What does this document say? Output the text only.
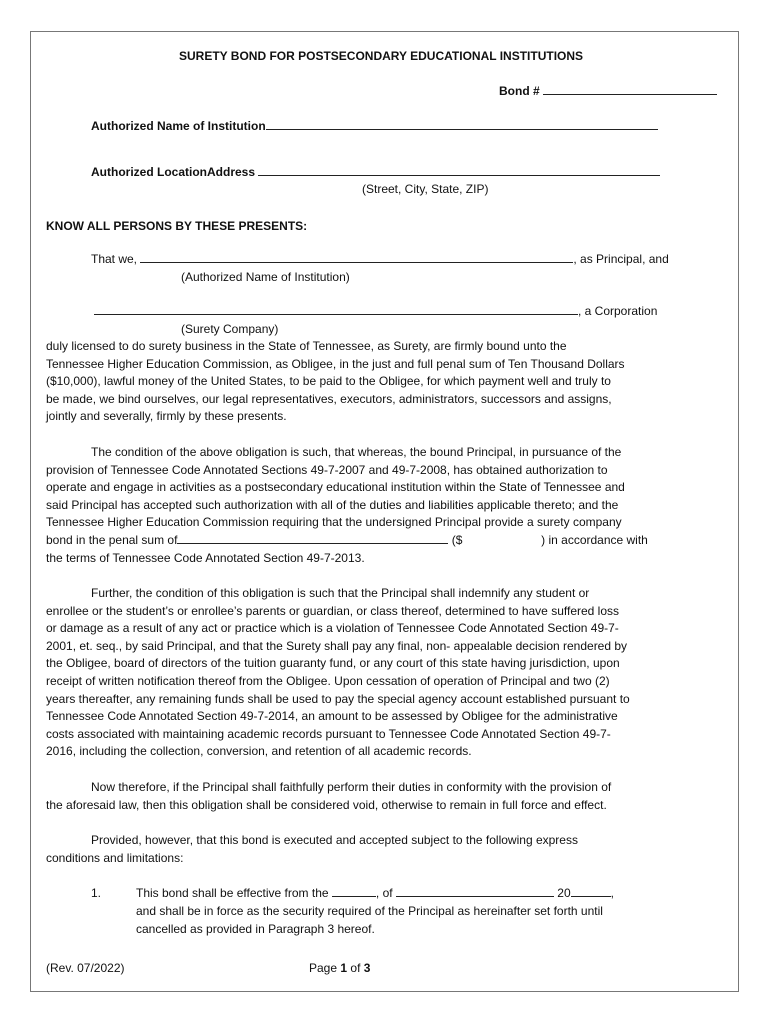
SURETY BOND FOR POSTSECONDARY EDUCATIONAL INSTITUTIONS
Bond #
Authorized Name of Institution
Authorized LocationAddress
(Street, City, State, ZIP)
KNOW ALL PERSONS BY THESE PRESENTS:
That we,	, as Principal, and
(Authorized Name of Institution)
, a Corporation
(Surety Company)
duly licensed to do surety business in the State of Tennessee, as Surety, are firmly bound unto the
Tennessee Higher Education Commission, as Obligee, in the just and full penal sum of Ten Thousand Dollars
($10,000), lawful money of the United States, to be paid to the Obligee, for which payment well and truly to
be made, we bind ourselves, our legal representatives, executors, administrators, successors and assigns,
jointly and severally, firmly by these presents.
The condition of the above obligation is such, that whereas, the bound Principal, in pursuance of the
provision of Tennessee Code Annotated Sections 49-7-2007 and 49-7-2008, has obtained authorization to
operate and engage in activities as a postsecondary educational institution within the State of Tennessee and
said Principal has accepted such authorization with all of the duties and liabilities applicable thereto; and the
Tennessee Higher Education Commission requiring that the undersigned Principal provide a surety company
bond in the penal sum of	($	) in accordance with
the terms of Tennessee Code Annotated Section 49-7-2013.
Further, the condition of this obligation is such that the Principal shall indemnify any student or
enrollee or the student’s or enrollee’s parents or guardian, or class thereof, determined to have suffered loss
or damage as a result of any act or practice which is a violation of Tennessee Code Annotated Section 49-7-
2001, et. seq., by said Principal, and that the Surety shall pay any final, non- appealable decision rendered by
the Obligee, board of directors of the tuition guaranty fund, or any court of this state having jurisdiction, upon
receipt of written notification thereof from the Obligee. Upon cessation of operation of Principal and two (2)
years thereafter, any remaining funds shall be used to pay the special agency account established pursuant to
Tennessee Code Annotated Section 49-7-2014, an amount to be assessed by Obligee for the administrative
costs associated with maintaining academic records pursuant to Tennessee Code Annotated Section 49-7-
2016, including the collection, conversion, and retention of all academic records.
Now therefore, if the Principal shall faithfully perform their duties in conformity with the provision of
the aforesaid law, then this obligation shall be considered void, otherwise to remain in full force and effect.
Provided, however, that this bond is executed and accepted subject to the following express
conditions and limitations:
1.	This bond shall be effective from the	, of	20	,
and shall be in force as the security required of the Principal as hereinafter set forth until
cancelled as provided in Paragraph 3 hereof.
(Rev. 07/2022)	Page 1 of 3
